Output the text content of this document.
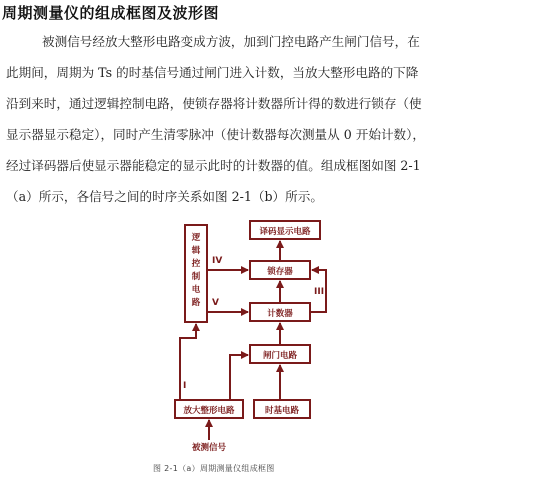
周期测量仪的组成框图及波形图
被测信号经放大整形电路变成方波，加到门控电路产生闸门信号，在
此期间，周期为 Ts 的时基信号通过闸门进入计数，当放大整形电路的下降
沿到来时，通过逻辑控制电路，使锁存器将计数器所计得的数进行锁存（使
显示器显示稳定），同时产生清零脉冲（使计数器每次测量从 0 开始计数），
经过译码器后使显示器能稳定的显示此时的计数器的值。组成框图如图 2-1
（a）所示，各信号之间的时序关系如图 2-1（b）所示。
逻
辑
控
制
电
路
译码显示电路
锁存器
计数器
闸门电路
放大整形电路	时基电路
IV
V
I
III
被测信号
图 2-1（a）周期测量仪组成框图
